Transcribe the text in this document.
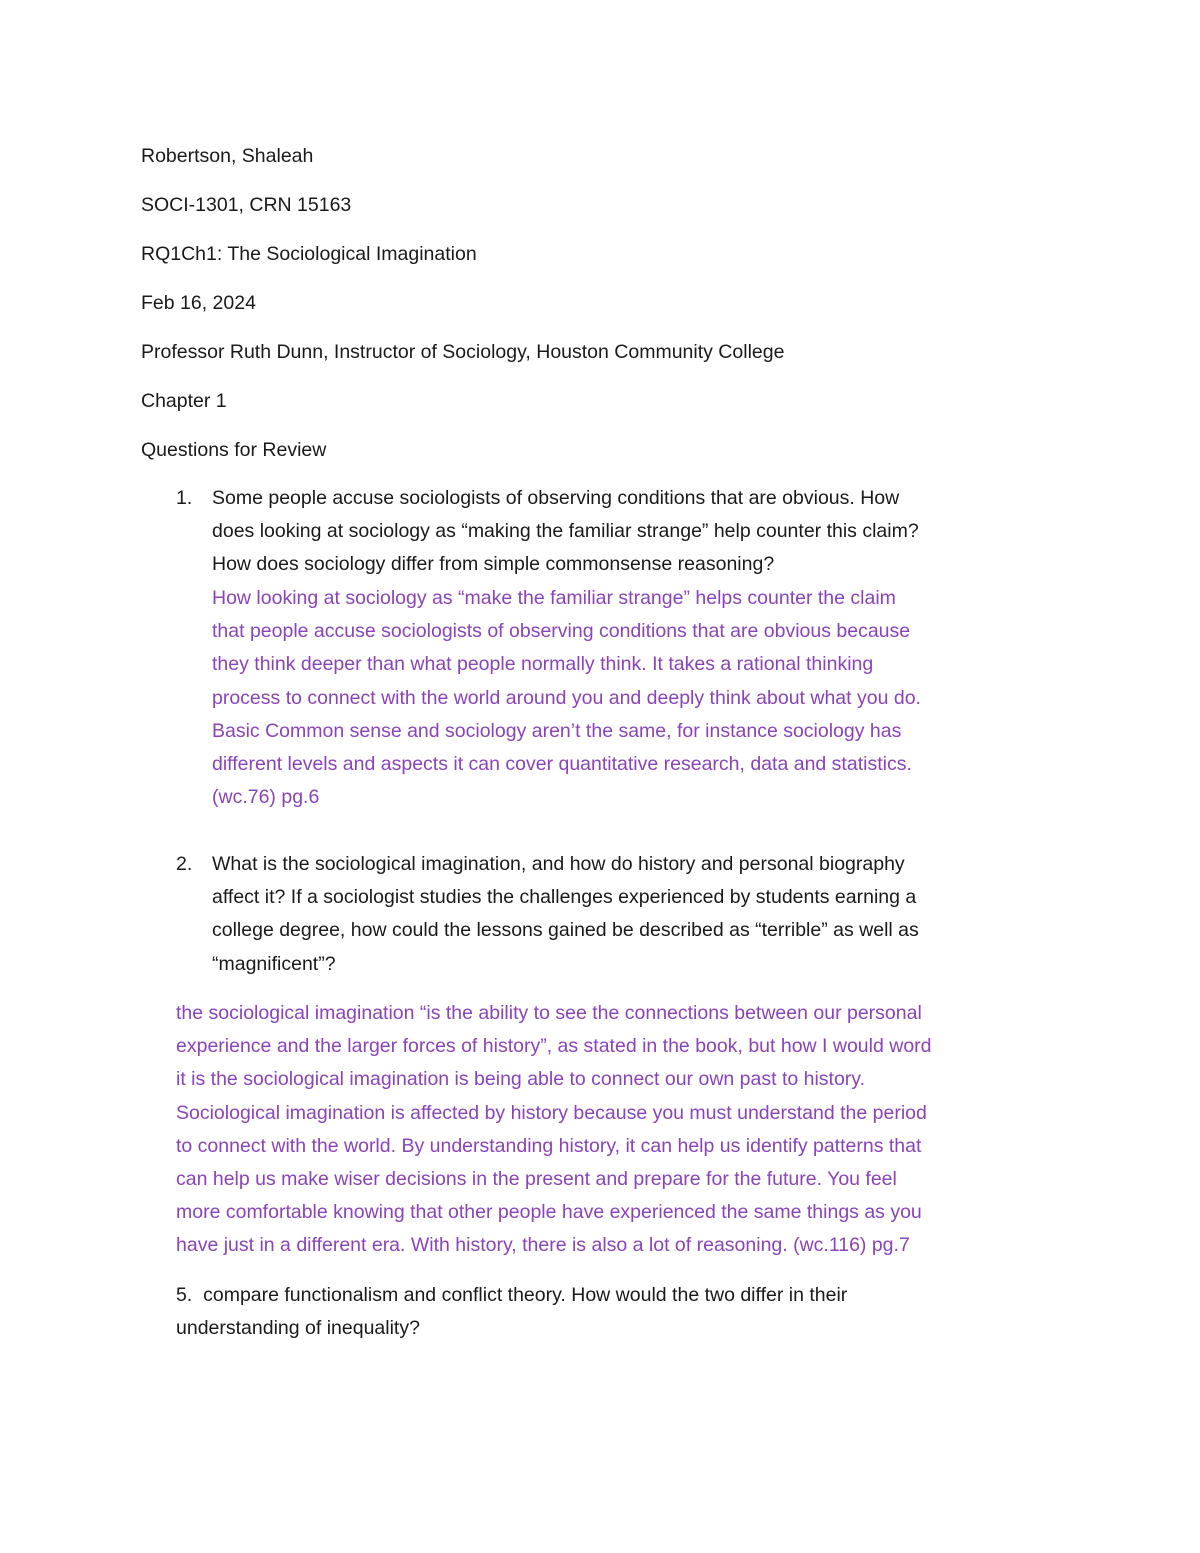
Robertson, Shaleah
SOCI-1301, CRN 15163
RQ1Ch1: The Sociological Imagination
Feb 16, 2024
Professor Ruth Dunn, Instructor of Sociology, Houston Community College
Chapter 1
Questions for Review
1. Some people accuse sociologists of observing conditions that are obvious. How
does looking at sociology as “making the familiar strange” help counter this claim?
How does sociology differ from simple commonsense reasoning?
How looking at sociology as “make the familiar strange” helps counter the claim
that people accuse sociologists of observing conditions that are obvious because
they think deeper than what people normally think. It takes a rational thinking
process to connect with the world around you and deeply think about what you do.
Basic Common sense and sociology aren’t the same, for instance sociology has
different levels and aspects it can cover quantitative research, data and statistics.
(wc.76) pg.6
2. What is the sociological imagination, and how do history and personal biography
affect it? If a sociologist studies the challenges experienced by students earning a
college degree, how could the lessons gained be described as “terrible” as well as
“magnificent”?
the sociological imagination “is the ability to see the connections between our personal
experience and the larger forces of history”, as stated in the book, but how I would word
it is the sociological imagination is being able to connect our own past to history.
Sociological imagination is affected by history because you must understand the period
to connect with the world. By understanding history, it can help us identify patterns that
can help us make wiser decisions in the present and prepare for the future. You feel
more comfortable knowing that other people have experienced the same things as you
have just in a different era. With history, there is also a lot of reasoning. (wc.116) pg.7
5. compare functionalism and conflict theory. How would the two differ in their
understanding of inequality?
